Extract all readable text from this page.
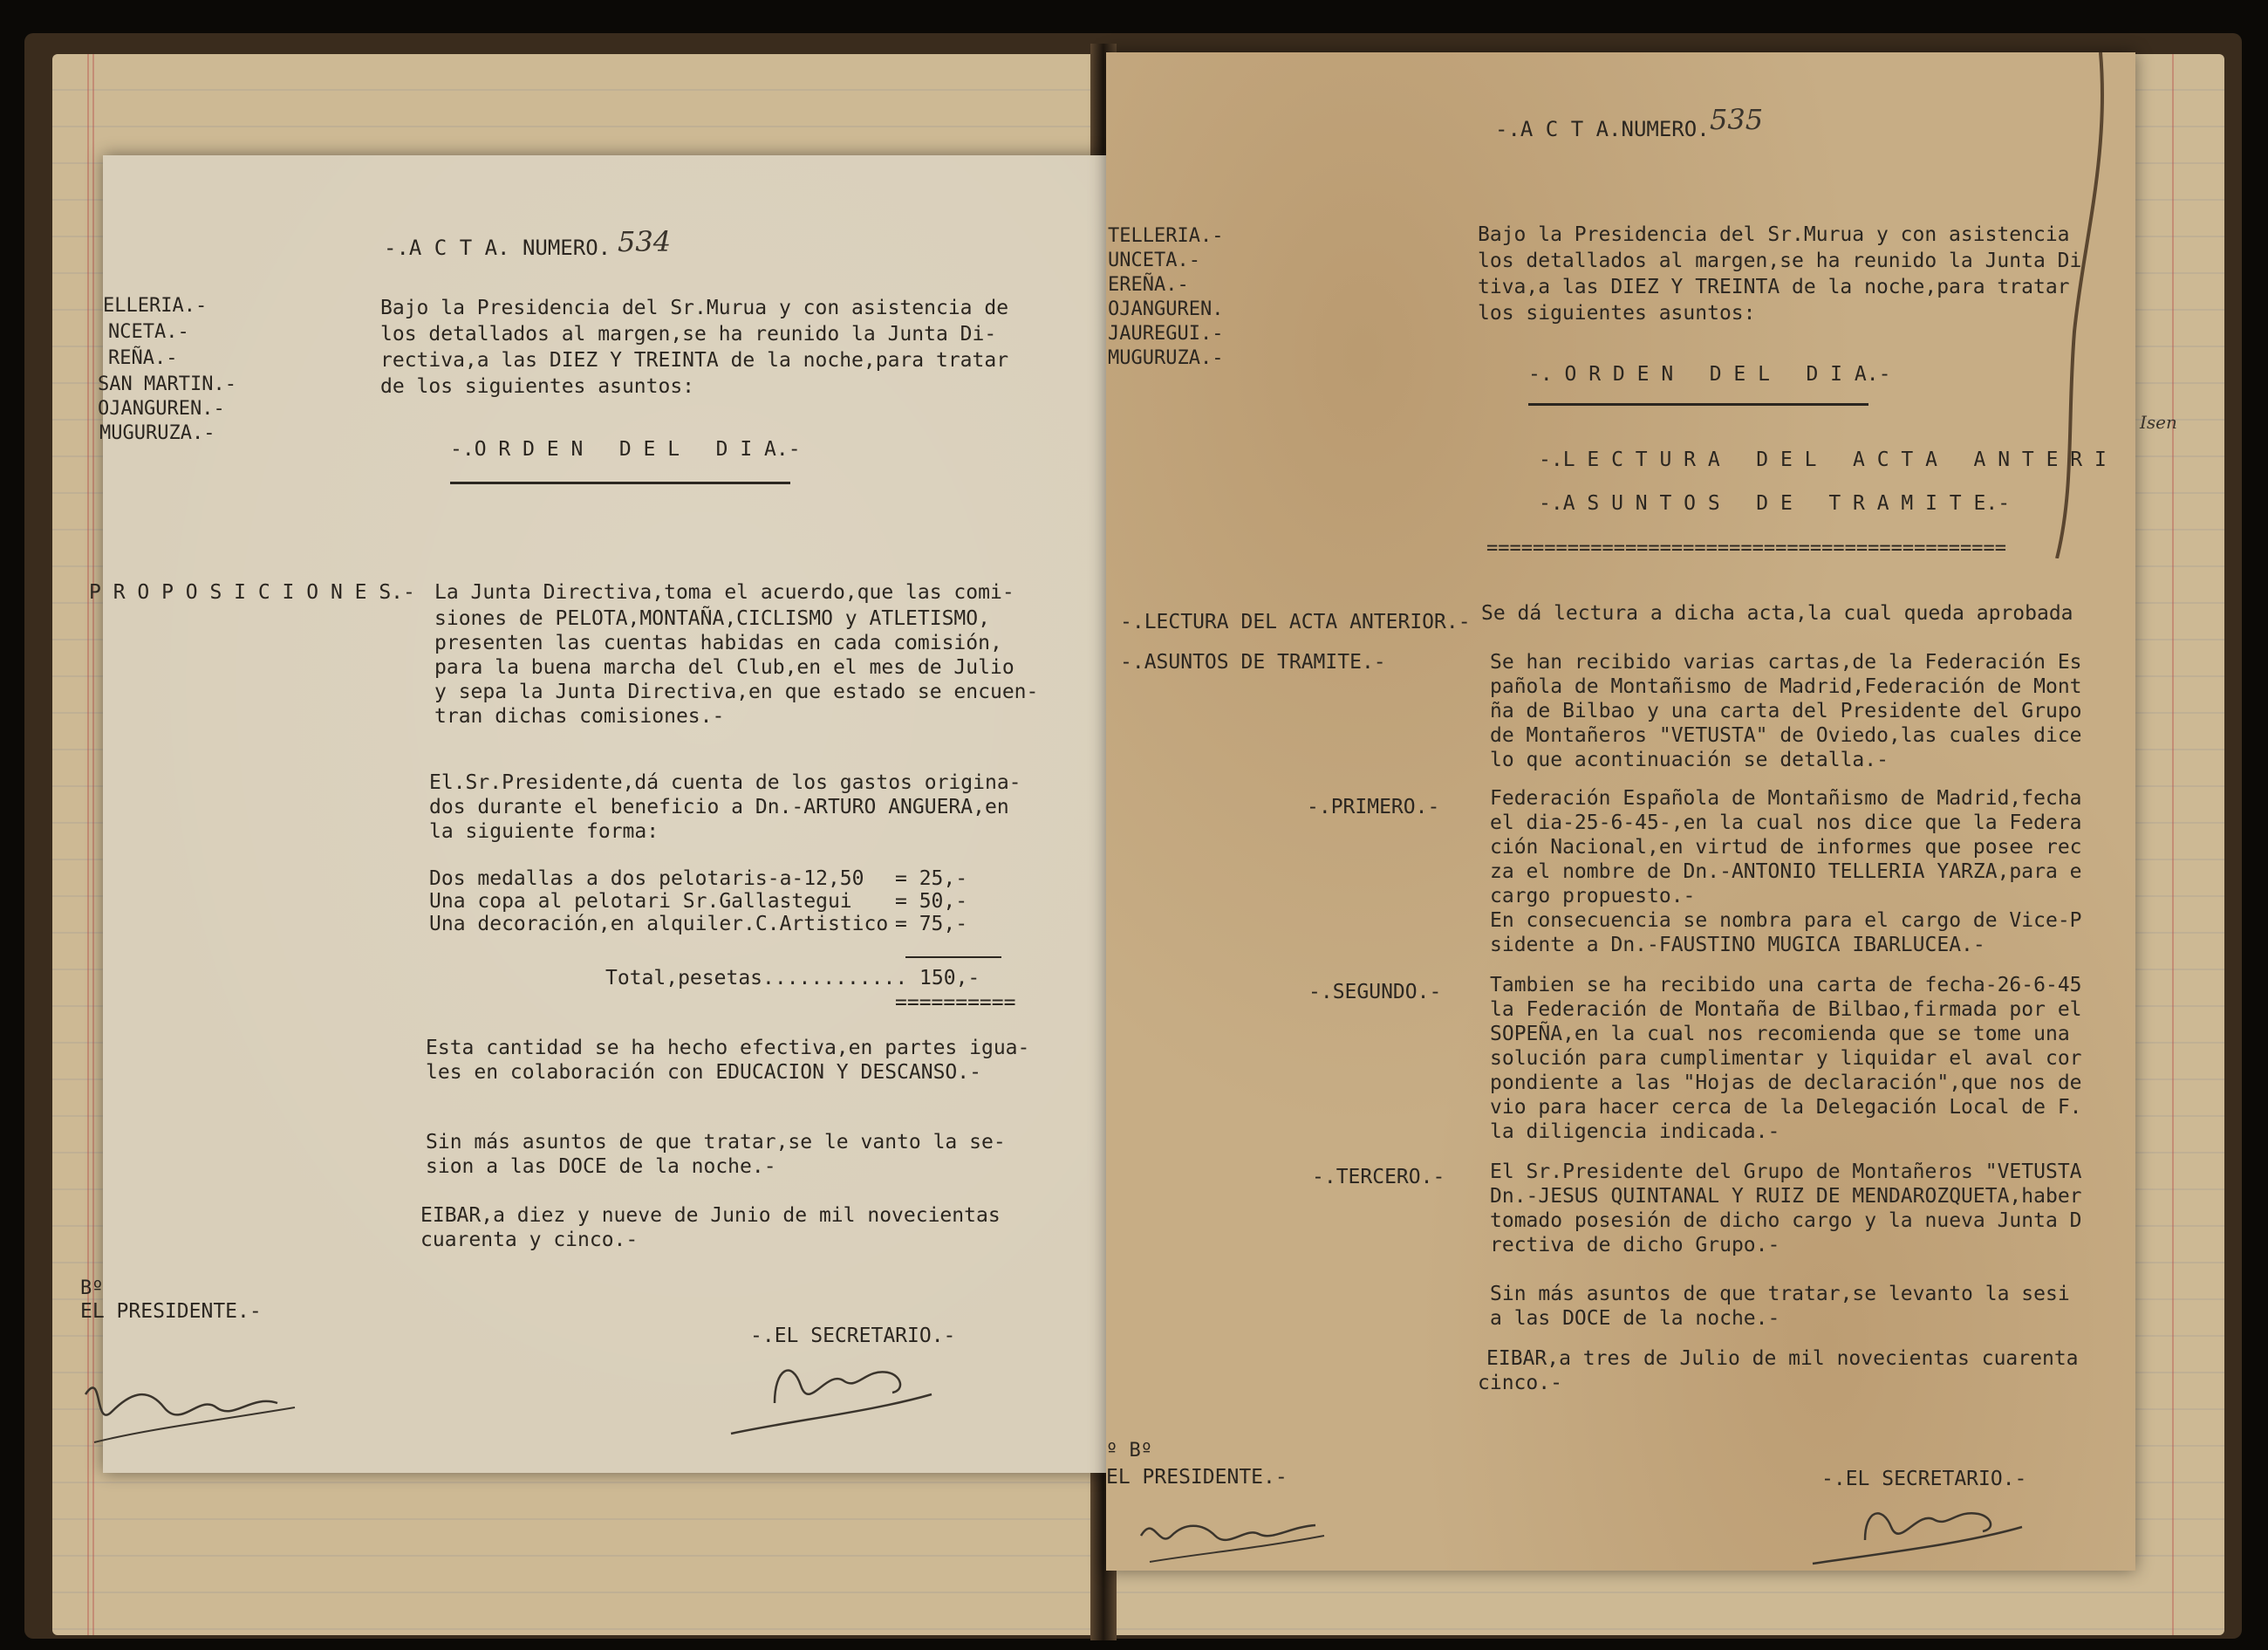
-.A C T A. NUMERO. 534
ELLERIA.-
NCETA.-
REÑA.-
SAN MARTIN.-
OJANGUREN.-
MUGURUZA.-
Bajo la Presidencia del Sr.Murua y con asistencia de
los detallados al margen,se ha reunido la Junta Di-
rectiva,a las DIEZ Y TREINTA de la noche,para tratar
de los siguientes asuntos:
-.O R D E N   D E L   D I A.-
P R O P O S I C I O N E S.- La Junta Directiva,toma el acuerdo,que las comi-
siones de PELOTA,MONTAÑA,CICLISMO y ATLETISMO,
presenten las cuentas habidas en cada comisión,
para la buena marcha del Club,en el mes de Julio
y sepa la Junta Directiva,en que estado se encuen-
tran dichas comisiones.-
El.Sr.Presidente,dá cuenta de los gastos origina-
dos durante el beneficio a Dn.-ARTURO ANGUERA,en
la siguiente forma:
Dos medallas a dos pelotaris-a-12,50 = 25,-
Una copa al pelotari Sr.Gallastegui = 50,-
Una decoración,en alquiler.C.Artistico = 75,-
Total,pesetas............ 150,-
==========
Esta cantidad se ha hecho efectiva,en partes igua-
les en colaboración con EDUCACION Y DESCANSO.-
Sin más asuntos de que tratar,se le vanto la se-
sion a las DOCE de la noche.-
EIBAR,a diez y nueve de Junio de mil novecientas
cuarenta y cinco.-
Bº
EL PRESIDENTE.-
-.EL SECRETARIO.-
-.A C T A.NUMERO. 535
TELLERIA.-
UNCETA.-
EREÑA.-
OJANGUREN.
JAUREGUI.-
MUGURUZA.-
Bajo la Presidencia del Sr.Murua y con asistencia
los detallados al margen,se ha reunido la Junta Di
tiva,a las DIEZ Y TREINTA de la noche,para tratar
los siguientes asuntos:
-. O R D E N   D E L   D I A.-
-.L E C T U R A   D E L   A C T A   A N T E R I
-.A S U N T O S   D E   T R A M I T E.-
=============================================
-.LECTURA DEL ACTA ANTERIOR.- Se dá lectura a dicha acta,la cual queda aprobada
-.ASUNTOS DE TRAMITE.-	Se han recibido varias cartas,de la Federación Es
pañola de Montañismo de Madrid,Federación de Mont
ña de Bilbao y una carta del Presidente del Grupo
de Montañeros "VETUSTA" de Oviedo,las cuales dice
lo que acontinuación se detalla.-
-.PRIMERO.-	Federación Española de Montañismo de Madrid,fecha
el dia-25-6-45-,en la cual nos dice que la Federa
ción Nacional,en virtud de informes que posee rec
za el nombre de Dn.-ANTONIO TELLERIA YARZA,para e
cargo propuesto.-
En consecuencia se nombra para el cargo de Vice-P
sidente a Dn.-FAUSTINO MUGICA IBARLUCEA.-
-.SEGUNDO.- Tambien se ha recibido una carta de fecha-26-6-45
la Federación de Montaña de Bilbao,firmada por el
SOPEÑA,en la cual nos recomienda que se tome una
solución para cumplimentar y liquidar el aval cor
pondiente a las "Hojas de declaración",que nos de
vio para hacer cerca de la Delegación Local de F.
la diligencia indicada.-
-.TERCERO.- El Sr.Presidente del Grupo de Montañeros "VETUSTA
Dn.-JESUS QUINTANAL Y RUIZ DE MENDAROZQUETA,haber
tomado posesión de dicho cargo y la nueva Junta D
rectiva de dicho Grupo.-
Sin más asuntos de que tratar,se levanto la sesi
a las DOCE de la noche.-
EIBAR,a tres de Julio de mil novecientas cuarenta
cinco.-
º Bº
EL PRESIDENTE.-	-.EL SECRETARIO.-
Isen
